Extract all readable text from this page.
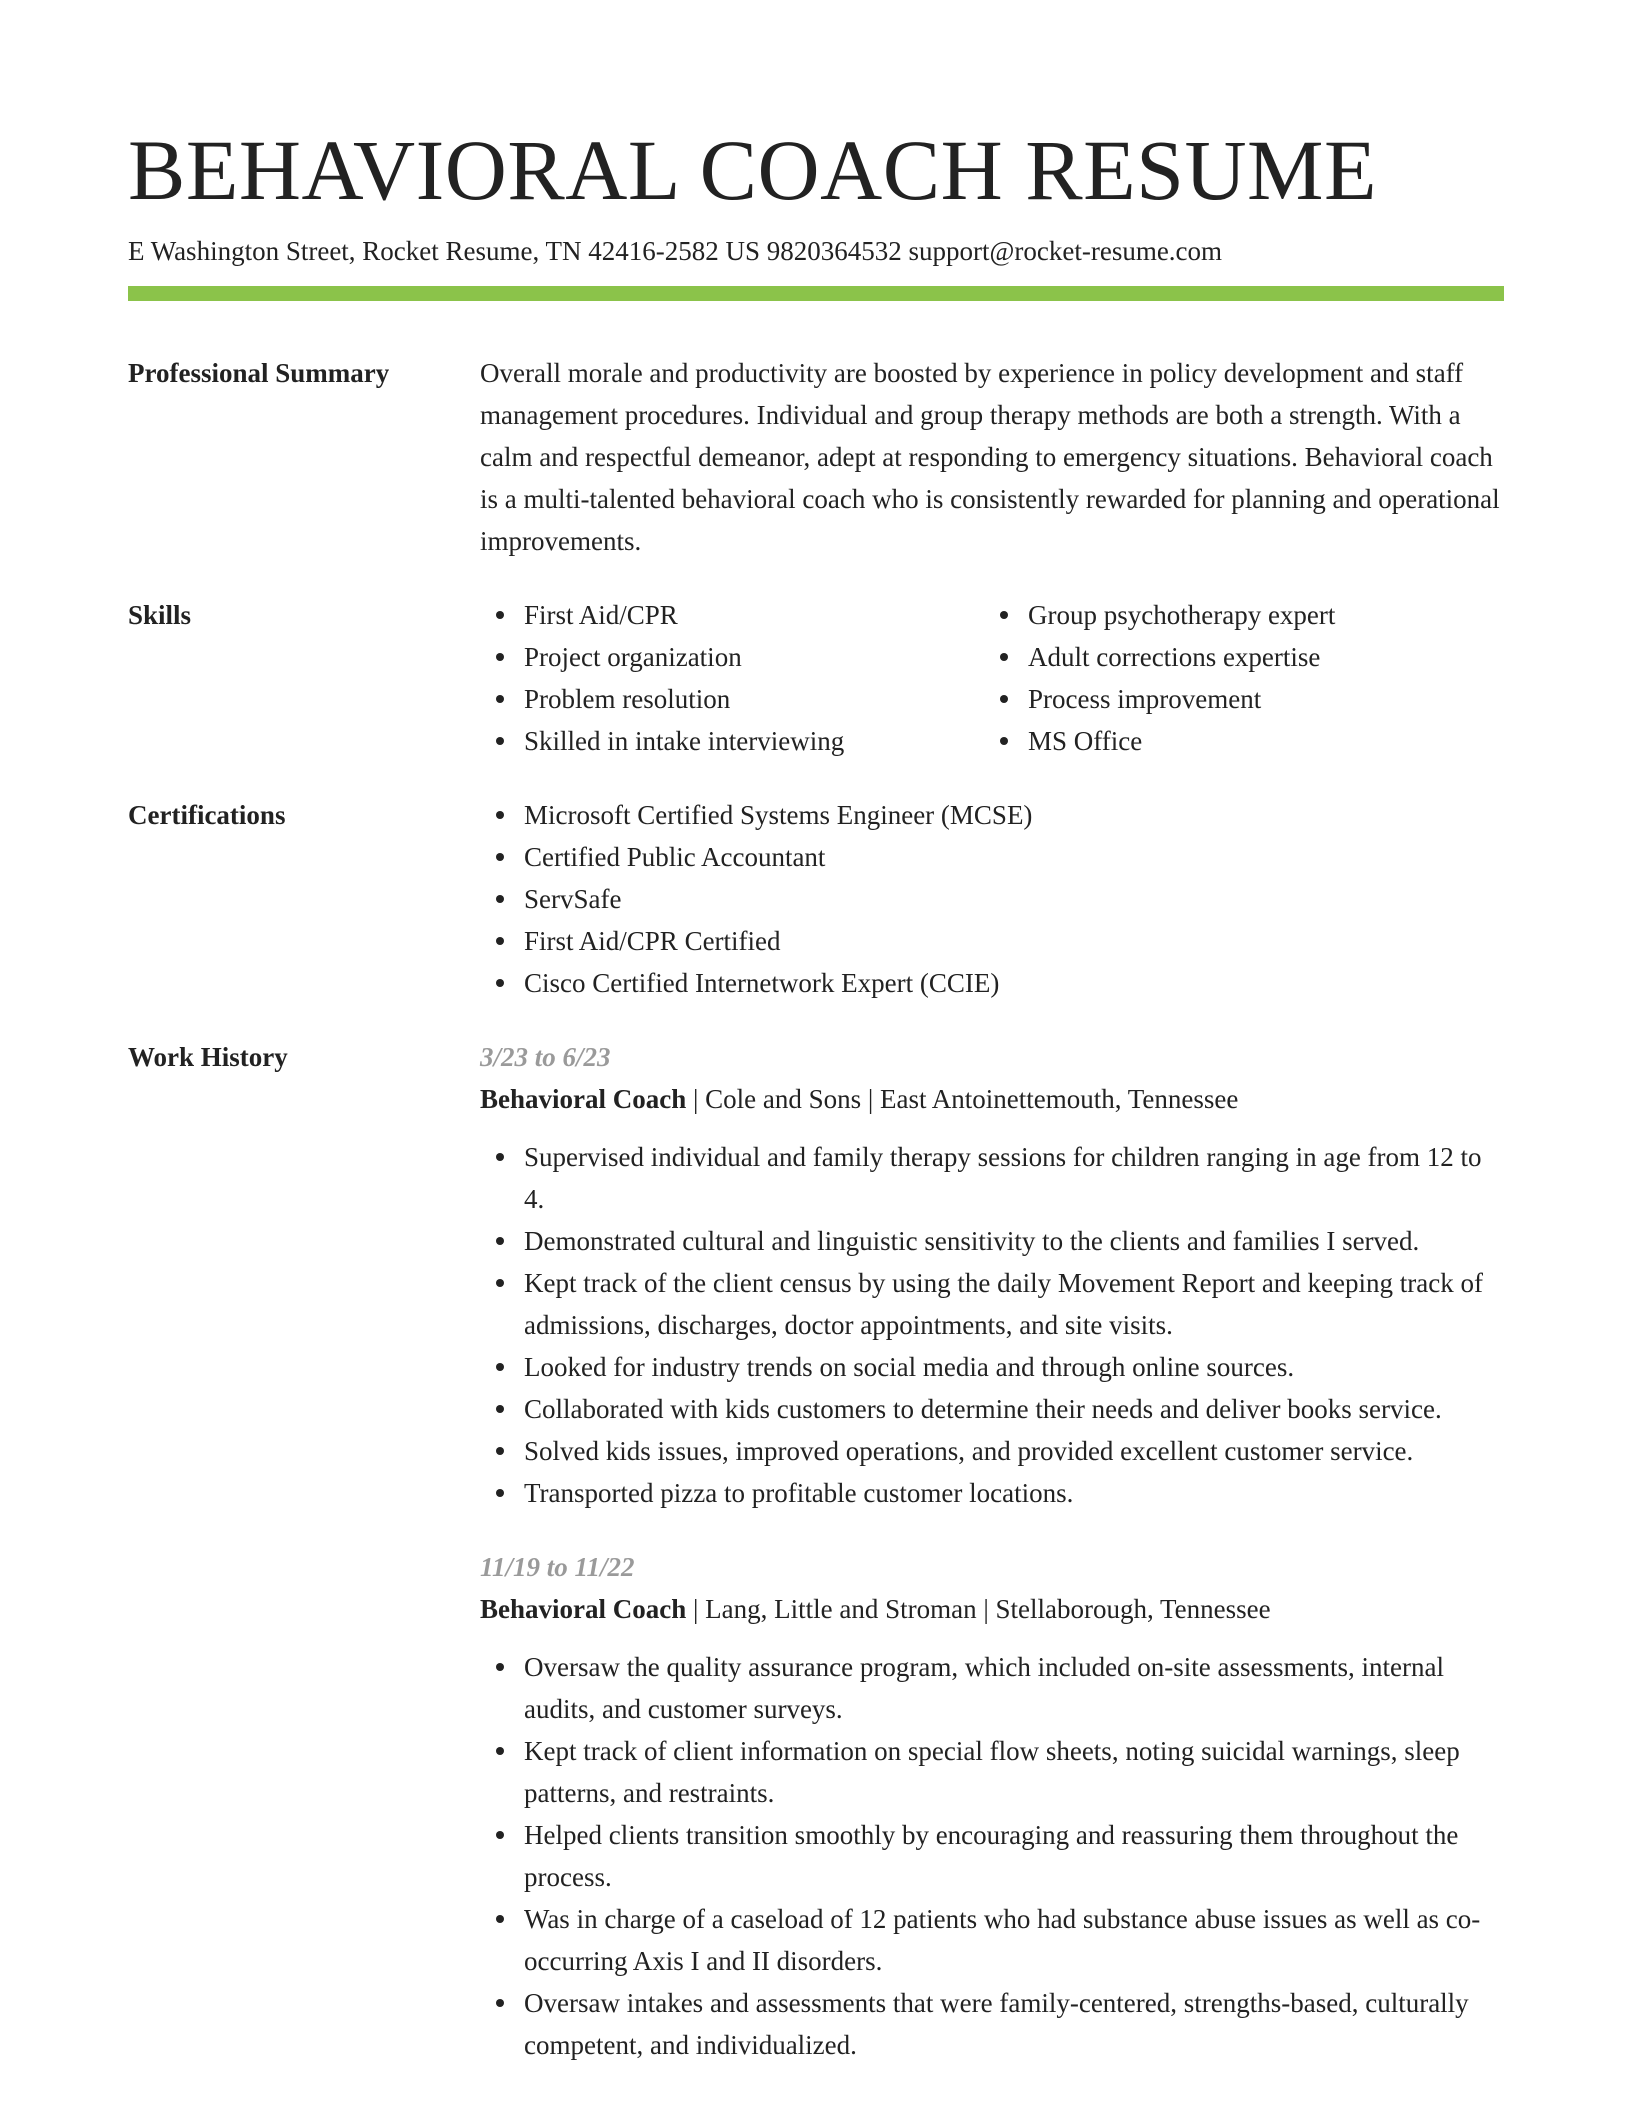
BEHAVIORAL COACH RESUME
E Washington Street, Rocket Resume, TN 42416-2582 US 9820364532 support@rocket-resume.com
Professional Summary	Overall morale and productivity are boosted by experience in policy development and staff management procedures. Individual and group therapy methods are both a strength. With a calm and respectful demeanor, adept at responding to emergency situations. Behavioral coach is a multi-talented behavioral coach who is consistently rewarded for planning and operational improvements.
Skills	First Aid/CPR
Project organization
Problem resolution
Skilled in intake interviewing
Group psychotherapy expert
Adult corrections expertise
Process improvement
MS Office
Certifications	Microsoft Certified Systems Engineer (MCSE)
Certified Public Accountant
ServSafe
First Aid/CPR Certified
Cisco Certified Internetwork Expert (CCIE)
Work History	3/23 to 6/23
Behavioral Coach | Cole and Sons | East Antoinettemouth, Tennessee
Supervised individual and family therapy sessions for children ranging in age from 12 to 4.
Demonstrated cultural and linguistic sensitivity to the clients and families I served.
Kept track of the client census by using the daily Movement Report and keeping track of admissions, discharges, doctor appointments, and site visits.
Looked for industry trends on social media and through online sources.
Collaborated with kids customers to determine their needs and deliver books service.
Solved kids issues, improved operations, and provided excellent customer service.
Transported pizza to profitable customer locations.
11/19 to 11/22
Behavioral Coach | Lang, Little and Stroman | Stellaborough, Tennessee
Oversaw the quality assurance program, which included on-site assessments, internal audits, and customer surveys.
Kept track of client information on special flow sheets, noting suicidal warnings, sleep patterns, and restraints.
Helped clients transition smoothly by encouraging and reassuring them throughout the process.
Was in charge of a caseload of 12 patients who had substance abuse issues as well as co-occurring Axis I and II disorders.
Oversaw intakes and assessments that were family-centered, strengths-based, culturally competent, and individualized.
